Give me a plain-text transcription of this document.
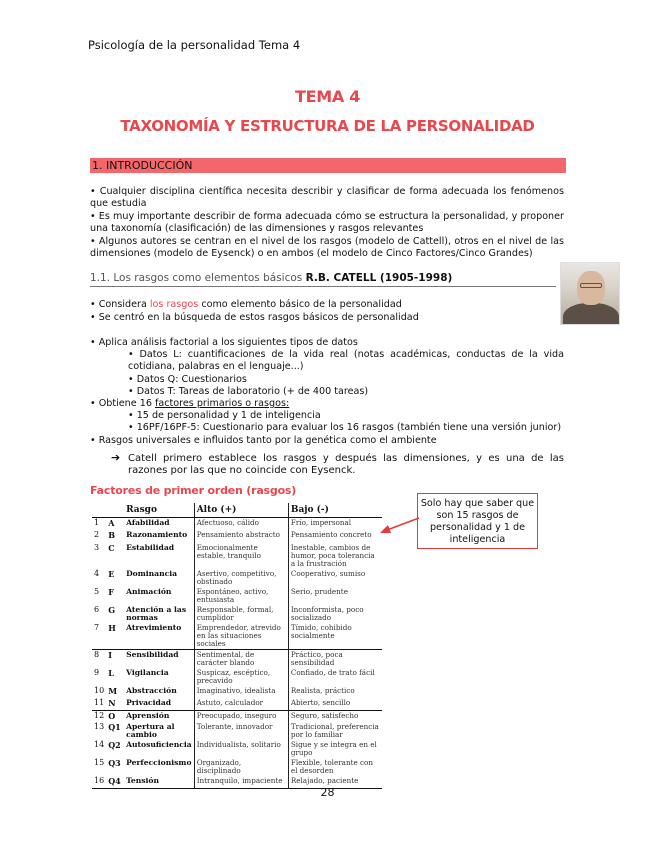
Psicología de la personalidad Tema 4
TEMA 4
TAXONOMÍA Y ESTRUCTURA DE LA PERSONALIDAD
1. INTRODUCCIÓN
• Cualquier disciplina científica necesita describir y clasificar de forma adecuada los fenómenos que estudia
• Es muy importante describir de forma adecuada cómo se estructura la personalidad, y proponer una taxonomía (clasificación) de las dimensiones y rasgos relevantes
• Algunos autores se centran en el nivel de los rasgos (modelo de Cattell), otros en el nivel de las dimensiones (modelo de Eysenck) o en ambos (el modelo de Cinco Factores/Cinco Grandes)
1.1. Los rasgos como elementos básicos R.B. CATELL (1905-1998)
• Considera los rasgos como elemento básico de la personalidad
• Se centró en la búsqueda de estos rasgos básicos de personalidad
• Aplica análisis factorial a los siguientes tipos de datos
• Datos L: cuantificaciones de la vida real (notas académicas, conductas de la vida cotidiana, palabras en el lenguaje...)
• Datos Q: Cuestionarios
• Datos T: Tareas de laboratorio (+ de 400 tareas)
• Obtiene 16 factores primarios o rasgos:
• 15 de personalidad y 1 de inteligencia
• 16PF/16PF-5: Cuestionario para evaluar los 16 rasgos (también tiene una versión junior)
• Rasgos universales e influidos tanto por la genética como el ambiente
➔ Catell primero establece los rasgos y después las dimensiones, y es una de las razones por las que no coincide con Eysenck.
Factores de primer orden (rasgos)
Solo hay que saber que son 15 rasgos de personalidad y 1 de inteligencia
		Rasgo	Alto (+)	Bajo (-)
1	A	Afabilidad	Afectuoso, cálido	Frío, impersonal
2	B	Razonamiento	Pensamiento abstracto	Pensamiento concreto
3	C	Estabilidad	Emocionalmente estable, tranquilo	Inestable, cambios de humor, poca tolerancia a la frustración
4	E	Dominancia	Asertivo, competitivo, obstinado	Cooperativo, sumiso
5	F	Animación	Espontáneo, activo, entusiasta	Serio, prudente
6	G	Atención a las normas	Responsable, formal, cumplidor	Inconformista, poco socializado
7	H	Atrevimiento	Emprendedor, atrevido en las situaciones sociales	Tímido, cohibido socialmente
8	I	Sensibilidad	Sentimental, de carácter blando	Práctico, poca sensibilidad
9	L	Vigilancia	Suspicaz, escéptico, precavido	Confiado, de trato fácil
10	M	Abstracción	Imaginativo, idealista	Realista, práctico
11	N	Privacidad	Astuto, calculador	Abierto, sencillo
12	O	Aprensión	Preocupado, inseguro	Seguro, satisfecho
13	Q1	Apertura al cambio	Tolerante, innovador	Tradicional, preferencia por lo familiar
14	Q2	Autosuficiencia	Individualista, solitario	Sigue y se integra en el grupo
15	Q3	Perfeccionismo	Organizado, disciplinado	Flexible, tolerante con el desorden
16	Q4	Tensión	Intranquilo, impaciente	Relajado, paciente
28
